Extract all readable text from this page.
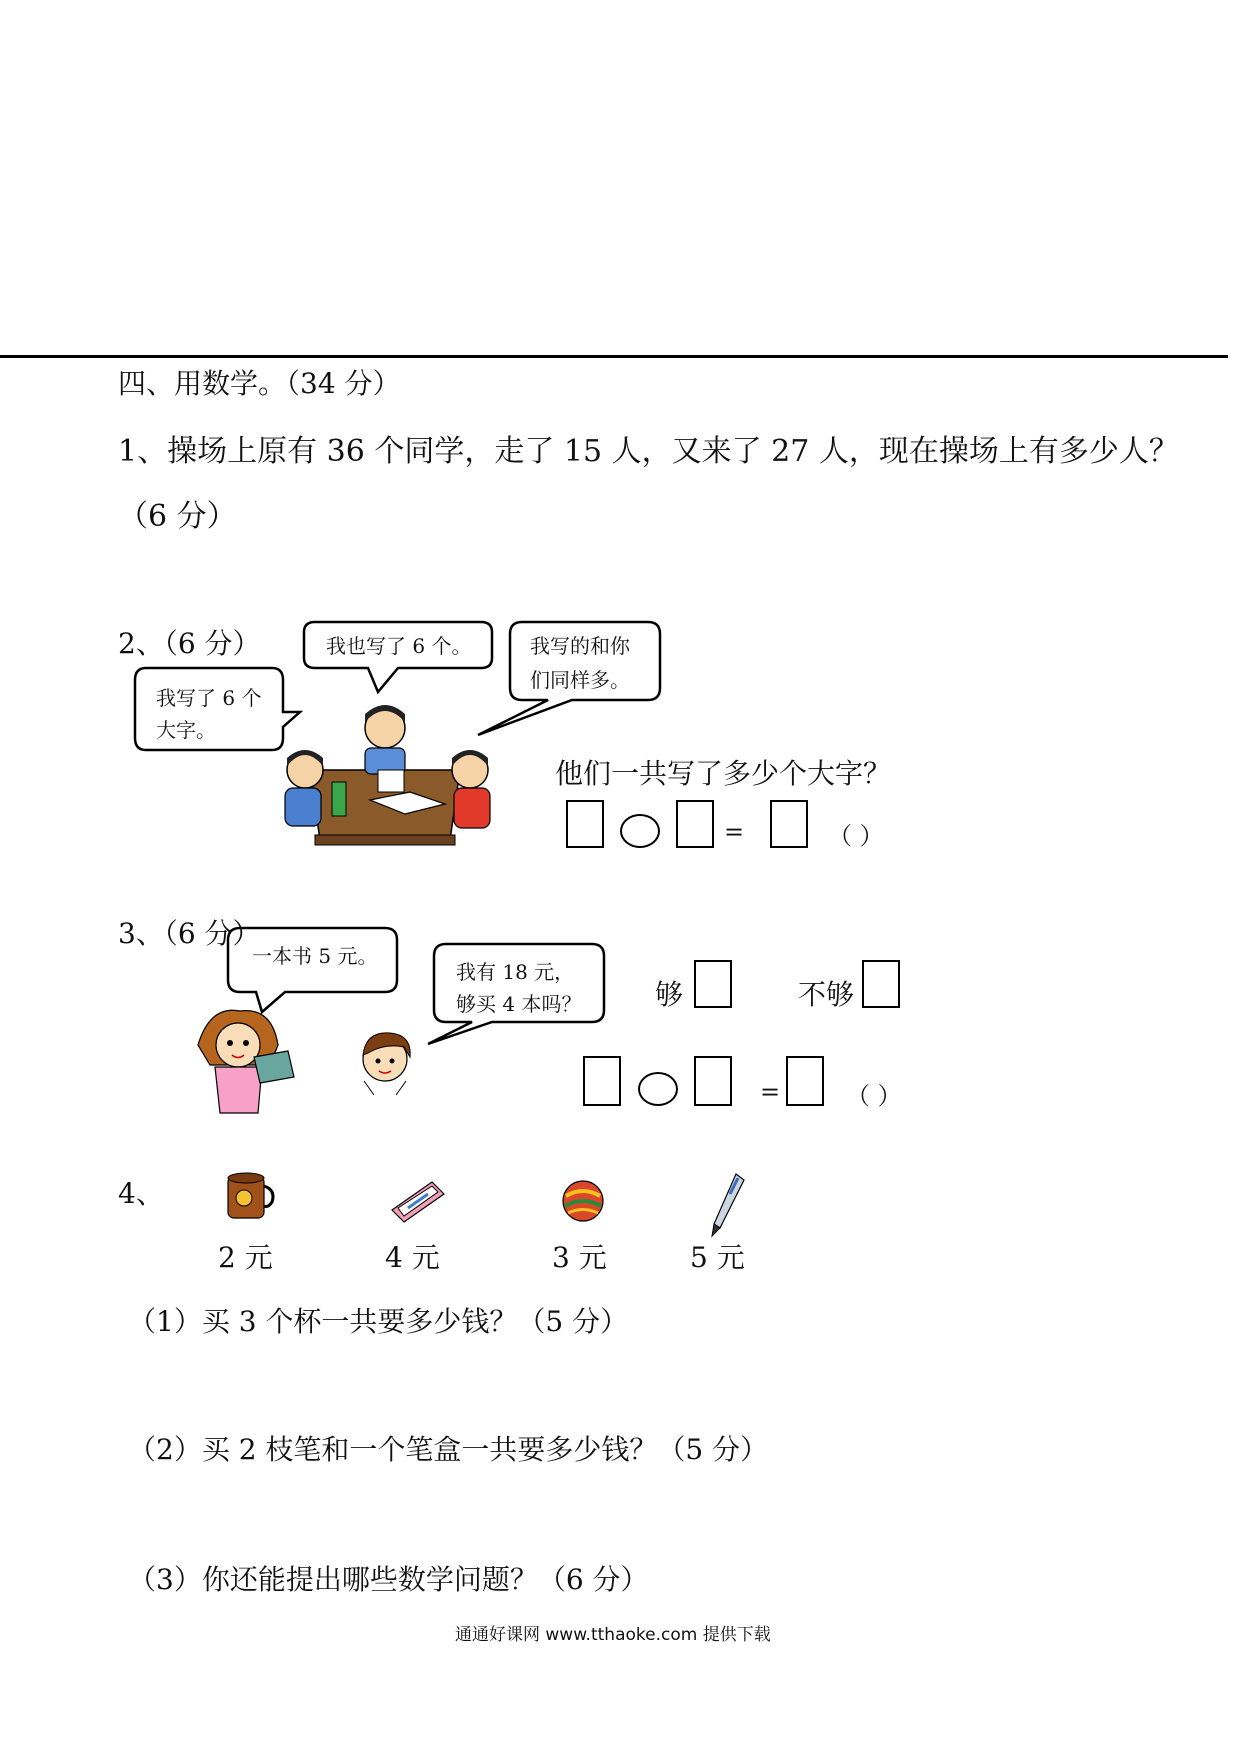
四、用数学。（34 分）
1、操场上原有 36 个同学，走了 15 人，又来了 27 人，现在操场上有多少人？
（6 分）
2、（6 分）
我写了 6 个
大字。
我也写了 6 个。	我写的和你
们同样多。
他们一共写了多少个大字？
=	（ ）
3、（6 分）
一本书 5 元。
我有 18 元，
够买 4 本吗？	够	不够
=	（ ）
4、
2 元	4 元	3 元	5 元
（1）买 3 个杯一共要多少钱？（5 分）
（2）买 2 枝笔和一个笔盒一共要多少钱？（5 分）
（3）你还能提出哪些数学问题？（6 分）
通通好课网 www.tthaoke.com 提供下载
